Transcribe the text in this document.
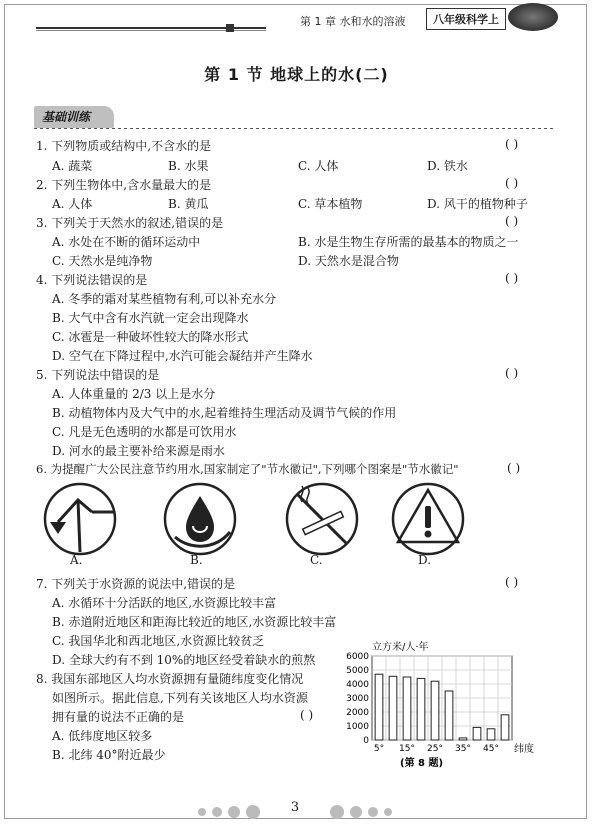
第 1 章 水和水的溶液	八年级科学上
第 1 节 地球上的水(二)
基础训练
1. 下列物质或结构中,不含水的是	( )
A. 蔬菜	B. 水果	C. 人体	D. 铁水
2. 下列生物体中,含水量最大的是	( )
A. 人体	B. 黄瓜	C. 草本植物	D. 风干的植物种子
3. 下列关于天然水的叙述,错误的是	( )
A. 水处在不断的循环运动中	B. 水是生物生存所需的最基本的物质之一
C. 天然水是纯净物	D. 天然水是混合物
4. 下列说法错误的是	( )
A. 冬季的霜对某些植物有利,可以补充水分
B. 大气中含有水汽就一定会出现降水
C. 冰雹是一种破坏性较大的降水形式
D. 空气在下降过程中,水汽可能会凝结并产生降水
5. 下列说法中错误的是	( )
A. 人体重量的 2/3 以上是水分
B. 动植物体内及大气中的水,起着维持生理活动及调节气候的作用
C. 凡是无色透明的水都是可饮用水
D. 河水的最主要补给来源是雨水
6. 为提醒广大公民注意节约用水,国家制定了"节水徽记",下列哪个图案是"节水徽记"	( )
A.	B.	C.	D.
7. 下列关于水资源的说法中,错误的是	( )
A. 水循环十分活跃的地区,水资源比较丰富
B. 赤道附近地区和距海比较近的地区,水资源比较丰富
C. 我国华北和西北地区,水资源比较贫乏
D. 全球大约有不到 10%的地区经受着缺水的煎熬
8. 我国东部地区人均水资源拥有量随纬度变化情况
如图所示。据此信息,下列有关该地区人均水资源
拥有量的说法不正确的是	( )
A. 低纬度地区较多
B. 北纬 40°附近最少
立方米/人·年
0
1000
2000
3000
4000
5000
6000
5° 15° 25° 35° 45° 纬度
(第 8 题)
3
